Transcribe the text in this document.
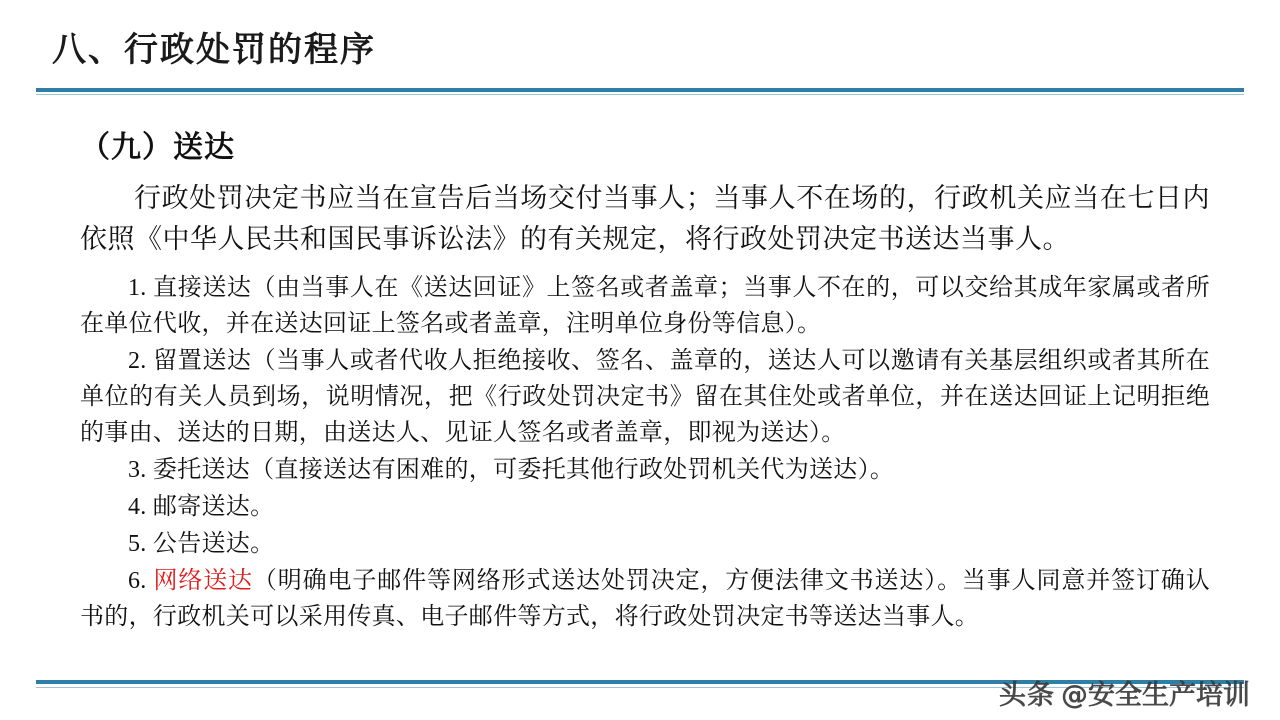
八、行政处罚的程序
（九）送达

行政处罚决定书应当在宣告后当场交付当事人；当事人不在场的，行政机关应当在七日内依照《中华人民共和国民事诉讼法》的有关规定，将行政处罚决定书送达当事人。

1. 直接送达（由当事人在《送达回证》上签名或者盖章；当事人不在的，可以交给其成年家属或者所在单位代收，并在送达回证上签名或者盖章，注明单位身份等信息）。

2. 留置送达（当事人或者代收人拒绝接收、签名、盖章的，送达人可以邀请有关基层组织或者其所在单位的有关人员到场，说明情况，把《行政处罚决定书》留在其住处或者单位，并在送达回证上记明拒绝的事由、送达的日期，由送达人、见证人签名或者盖章，即视为送达）。

3. 委托送达（直接送达有困难的，可委托其他行政处罚机关代为送达）。

4. 邮寄送达。

5. 公告送达。

6. 网络送达（明确电子邮件等网络形式送达处罚决定，方便法律文书送达）。当事人同意并签订确认书的，行政机关可以采用传真、电子邮件等方式，将行政处罚决定书等送达当事人。

头条 @安全生产培训
